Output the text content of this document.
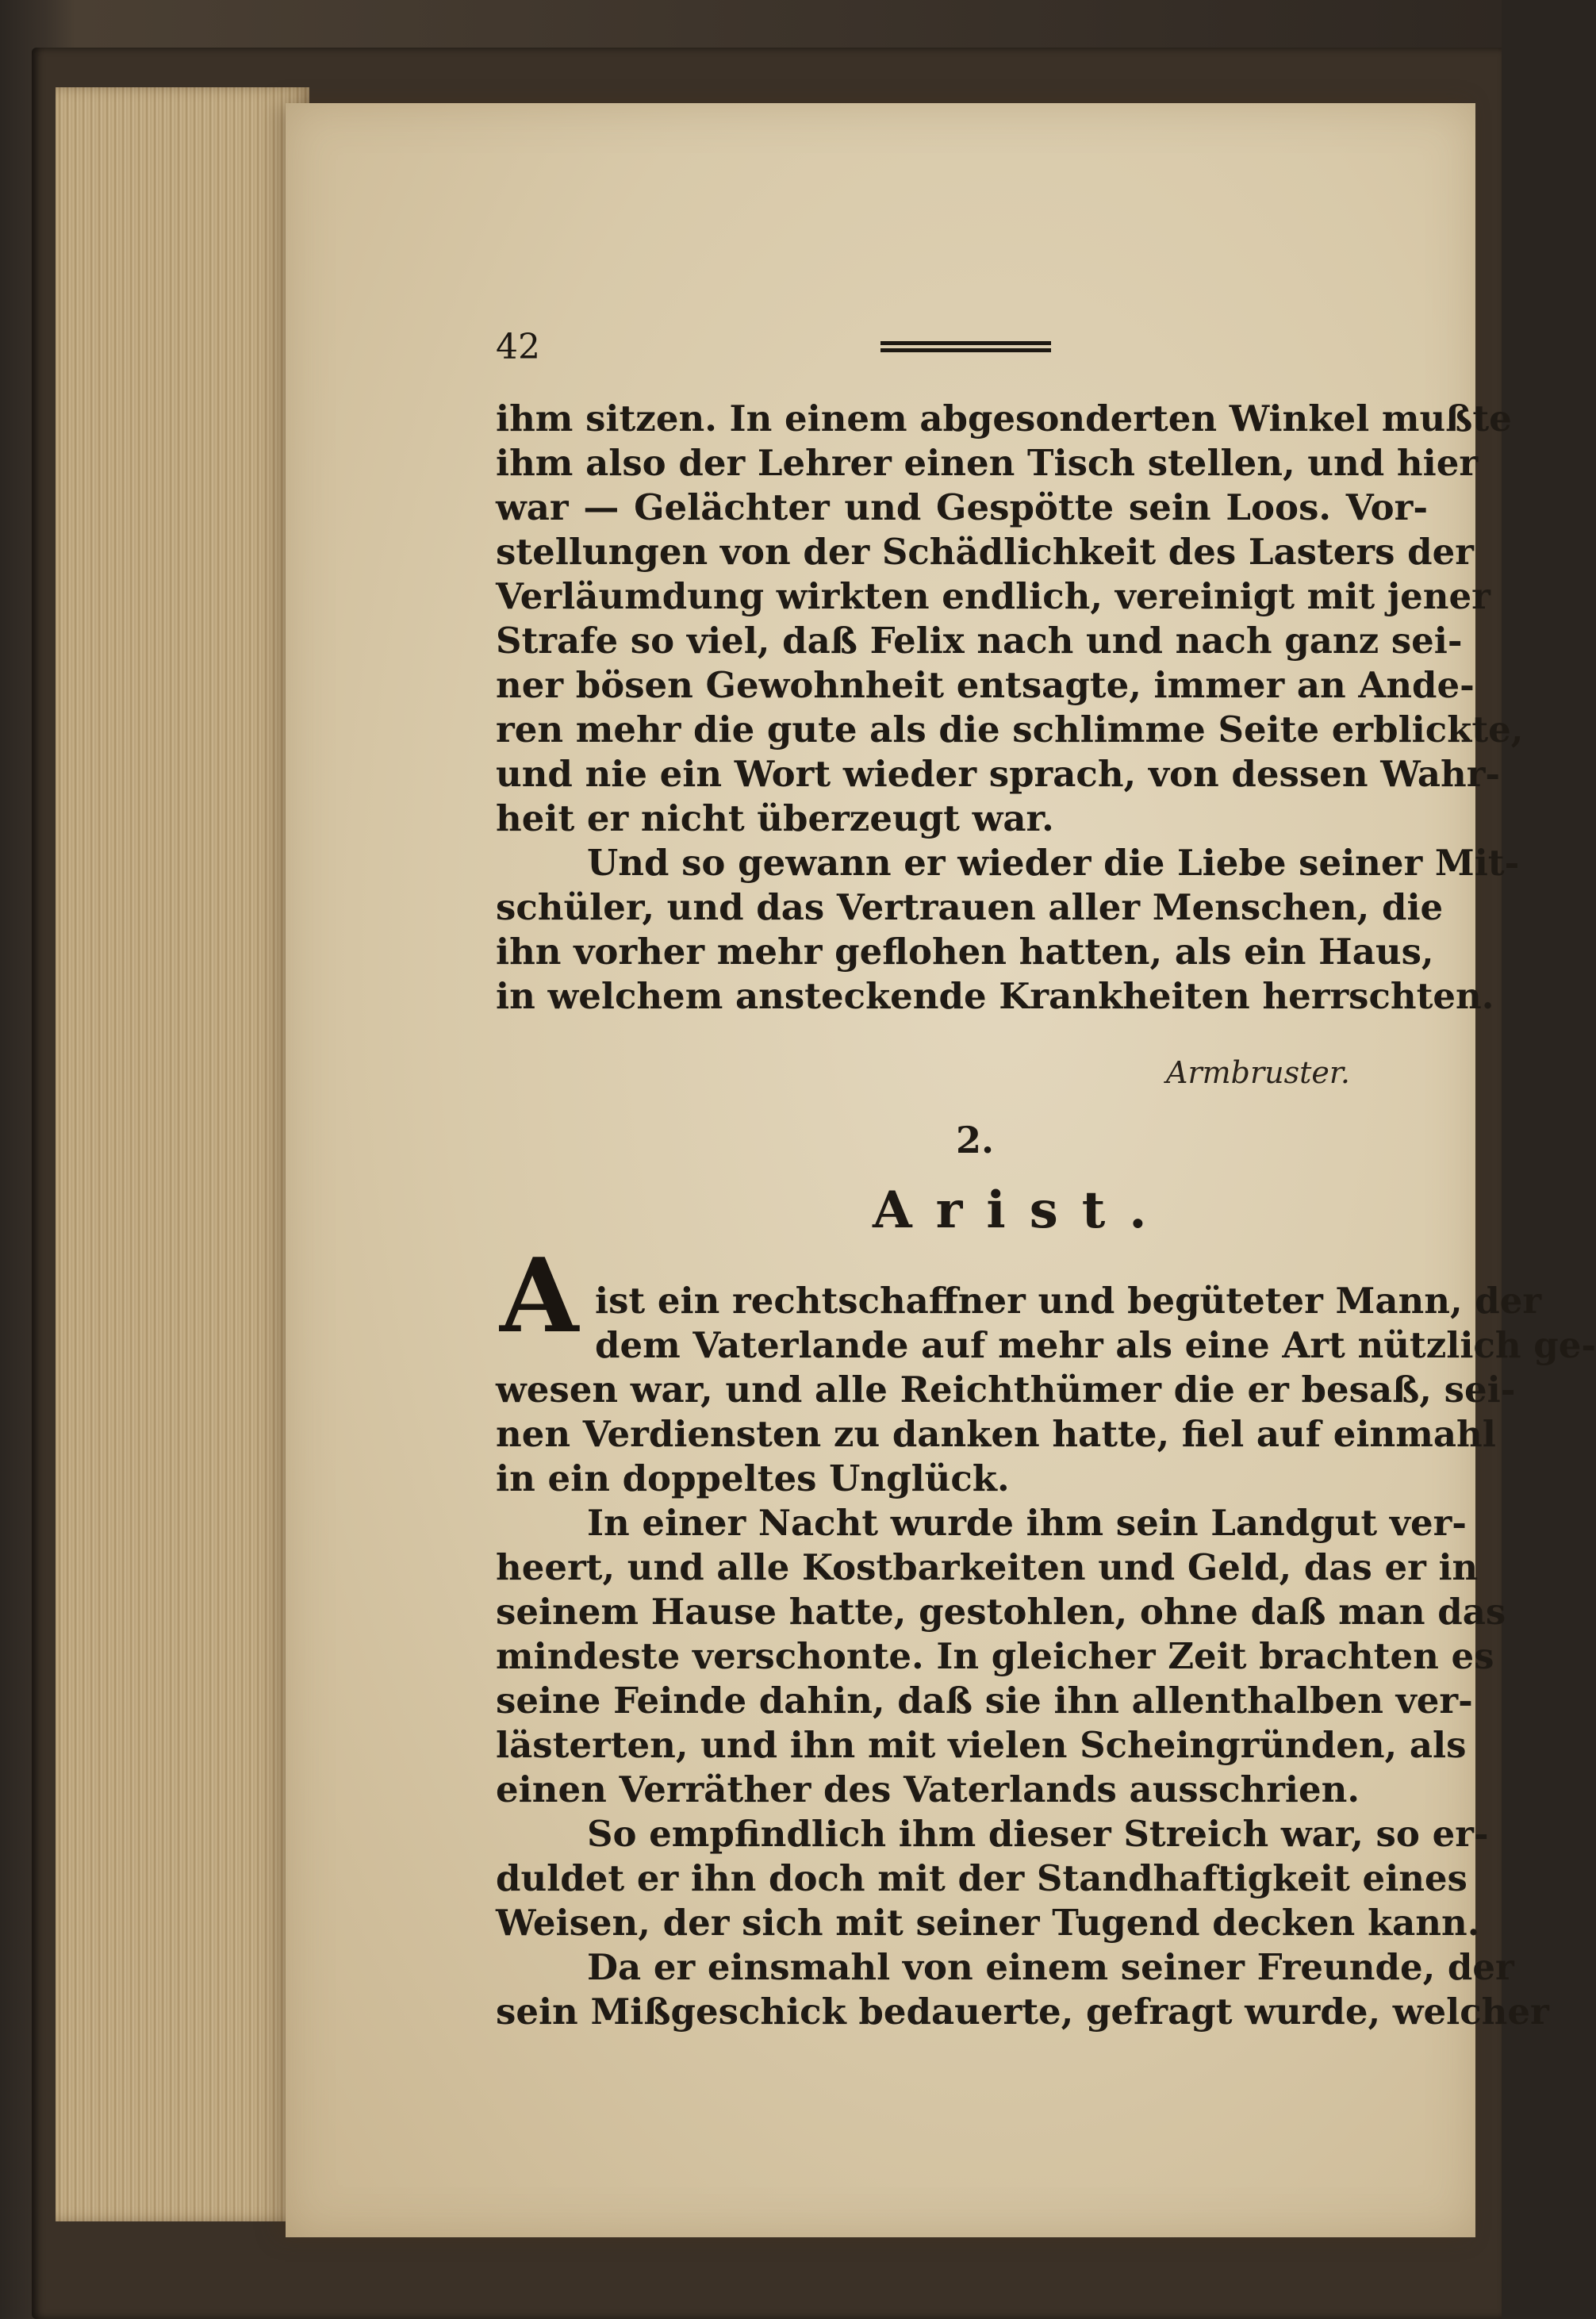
42
ihm sitzen. In einem abgesonderten Winkel mußte
ihm also der Lehrer einen Tisch stellen, und hier
war — Gelächter und Gespötte sein Loos. Vor-
stellungen von der Schädlichkeit des Lasters der
Verläumdung wirkten endlich, vereinigt mit jener
Strafe so viel, daß Felix nach und nach ganz sei-
ner bösen Gewohnheit entsagte, immer an Ande-
ren mehr die gute als die schlimme Seite erblickte,
und nie ein Wort wieder sprach, von dessen Wahr-
heit er nicht überzeugt war.
Und so gewann er wieder die Liebe seiner Mit-
schüler, und das Vertrauen aller Menschen, die
ihn vorher mehr geflohen hatten, als ein Haus,
in welchem ansteckende Krankheiten herrschten.
Armbruster.
2.
Arist.
A ist ein rechtschaffner und begüteter Mann, der
dem Vaterlande auf mehr als eine Art nützlich ge-
wesen war, und alle Reichthümer die er besaß, sei-
nen Verdiensten zu danken hatte, fiel auf einmahl
in ein doppeltes Unglück.
In einer Nacht wurde ihm sein Landgut ver-
heert, und alle Kostbarkeiten und Geld, das er in
seinem Hause hatte, gestohlen, ohne daß man das
mindeste verschonte. In gleicher Zeit brachten es
seine Feinde dahin, daß sie ihn allenthalben ver-
lästerten, und ihn mit vielen Scheingründen, als
einen Verräther des Vaterlands ausschrien.
So empfindlich ihm dieser Streich war, so er-
duldet er ihn doch mit der Standhaftigkeit eines
Weisen, der sich mit seiner Tugend decken kann.
Da er einsmahl von einem seiner Freunde, der
sein Mißgeschick bedauerte, gefragt wurde, welcher
